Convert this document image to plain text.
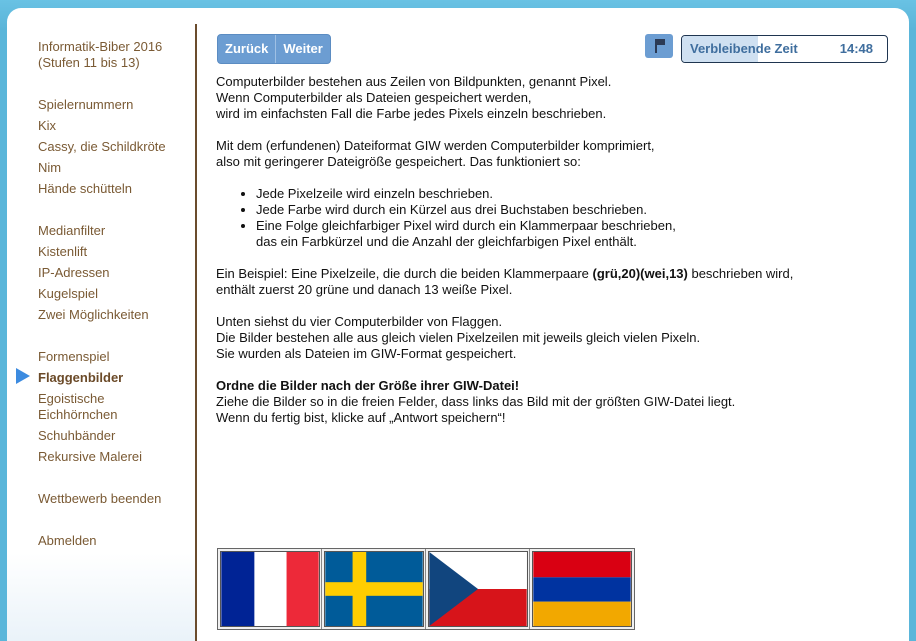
Informatik-Biber 2016 (Stufen 11 bis 13)
Spielernummern
Kix
Cassy, die Schildkröte
Nim
Hände schütteln
Medianfilter
Kistenlift
IP-Adressen
Kugelspiel
Zwei Möglichkeiten
Formenspiel
Flaggenbilder
Egoistische Eichhörnchen
Schuhbänder
Rekursive Malerei
Wettbewerb beenden
Abmelden
Zurück	Weiter	Verbleibende Zeit	14:48
Computerbilder bestehen aus Zeilen von Bildpunkten, genannt Pixel.
Wenn Computerbilder als Dateien gespeichert werden,
wird im einfachsten Fall die Farbe jedes Pixels einzeln beschrieben.
Mit dem (erfundenen) Dateiformat GIW werden Computerbilder komprimiert,
also mit geringerer Dateigröße gespeichert. Das funktioniert so:
• Jede Pixelzeile wird einzeln beschrieben.
• Jede Farbe wird durch ein Kürzel aus drei Buchstaben beschrieben.
• Eine Folge gleichfarbiger Pixel wird durch ein Klammerpaar beschrieben,
das ein Farbkürzel und die Anzahl der gleichfarbigen Pixel enthält.
Ein Beispiel: Eine Pixelzeile, die durch die beiden Klammerpaare (grü,20)(wei,13) beschrieben wird,
enthält zuerst 20 grüne und danach 13 weiße Pixel.
Unten siehst du vier Computerbilder von Flaggen.
Die Bilder bestehen alle aus gleich vielen Pixelzeilen mit jeweils gleich vielen Pixeln.
Sie wurden als Dateien im GIW-Format gespeichert.
Ordne die Bilder nach der Größe ihrer GIW-Datei!
Ziehe die Bilder so in die freien Felder, dass links das Bild mit der größten GIW-Datei liegt.
Wenn du fertig bist, klicke auf „Antwort speichern“!
